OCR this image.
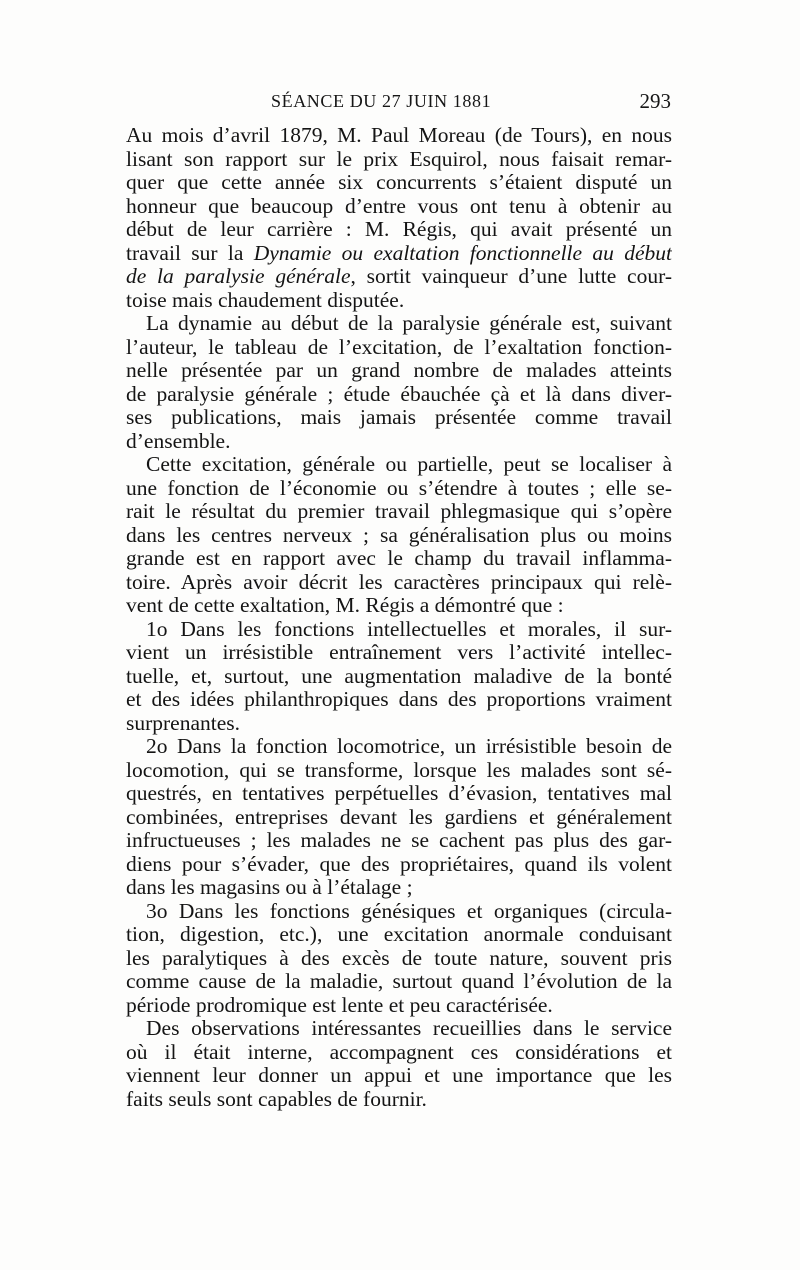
SÉANCE DU 27 JUIN 1881	293
Au mois d’avril 1879, M. Paul Moreau (de Tours), en nous
lisant son rapport sur le prix Esquirol, nous faisait remar-
quer que cette année six concurrents s’étaient disputé un
honneur que beaucoup d’entre vous ont tenu à obtenir au
début de leur carrière : M. Régis, qui avait présenté un
travail sur la Dynamie ou exaltation fonctionnelle au début
de la paralysie générale, sortit vainqueur d’une lutte cour-
toise mais chaudement disputée.
La dynamie au début de la paralysie générale est, suivant
l’auteur, le tableau de l’excitation, de l’exaltation fonction-
nelle présentée par un grand nombre de malades atteints
de paralysie générale ; étude ébauchée çà et là dans diver-
ses publications, mais jamais présentée comme travail
d’ensemble.
Cette excitation, générale ou partielle, peut se localiser à
une fonction de l’économie ou s’étendre à toutes ; elle se-
rait le résultat du premier travail phlegmasique qui s’opère
dans les centres nerveux ; sa généralisation plus ou moins
grande est en rapport avec le champ du travail inflamma-
toire. Après avoir décrit les caractères principaux qui relè-
vent de cette exaltation, M. Régis a démontré que :
1o Dans les fonctions intellectuelles et morales, il sur-
vient un irrésistible entraînement vers l’activité intellec-
tuelle, et, surtout, une augmentation maladive de la bonté
et des idées philanthropiques dans des proportions vraiment
surprenantes.
2o Dans la fonction locomotrice, un irrésistible besoin de
locomotion, qui se transforme, lorsque les malades sont sé-
questrés, en tentatives perpétuelles d’évasion, tentatives mal
combinées, entreprises devant les gardiens et généralement
infructueuses ; les malades ne se cachent pas plus des gar-
diens pour s’évader, que des propriétaires, quand ils volent
dans les magasins ou à l’étalage ;
3o Dans les fonctions génésiques et organiques (circula-
tion, digestion, etc.), une excitation anormale conduisant
les paralytiques à des excès de toute nature, souvent pris
comme cause de la maladie, surtout quand l’évolution de la
période prodromique est lente et peu caractérisée.
Des observations intéressantes recueillies dans le service
où il était interne, accompagnent ces considérations et
viennent leur donner un appui et une importance que les
faits seuls sont capables de fournir.
